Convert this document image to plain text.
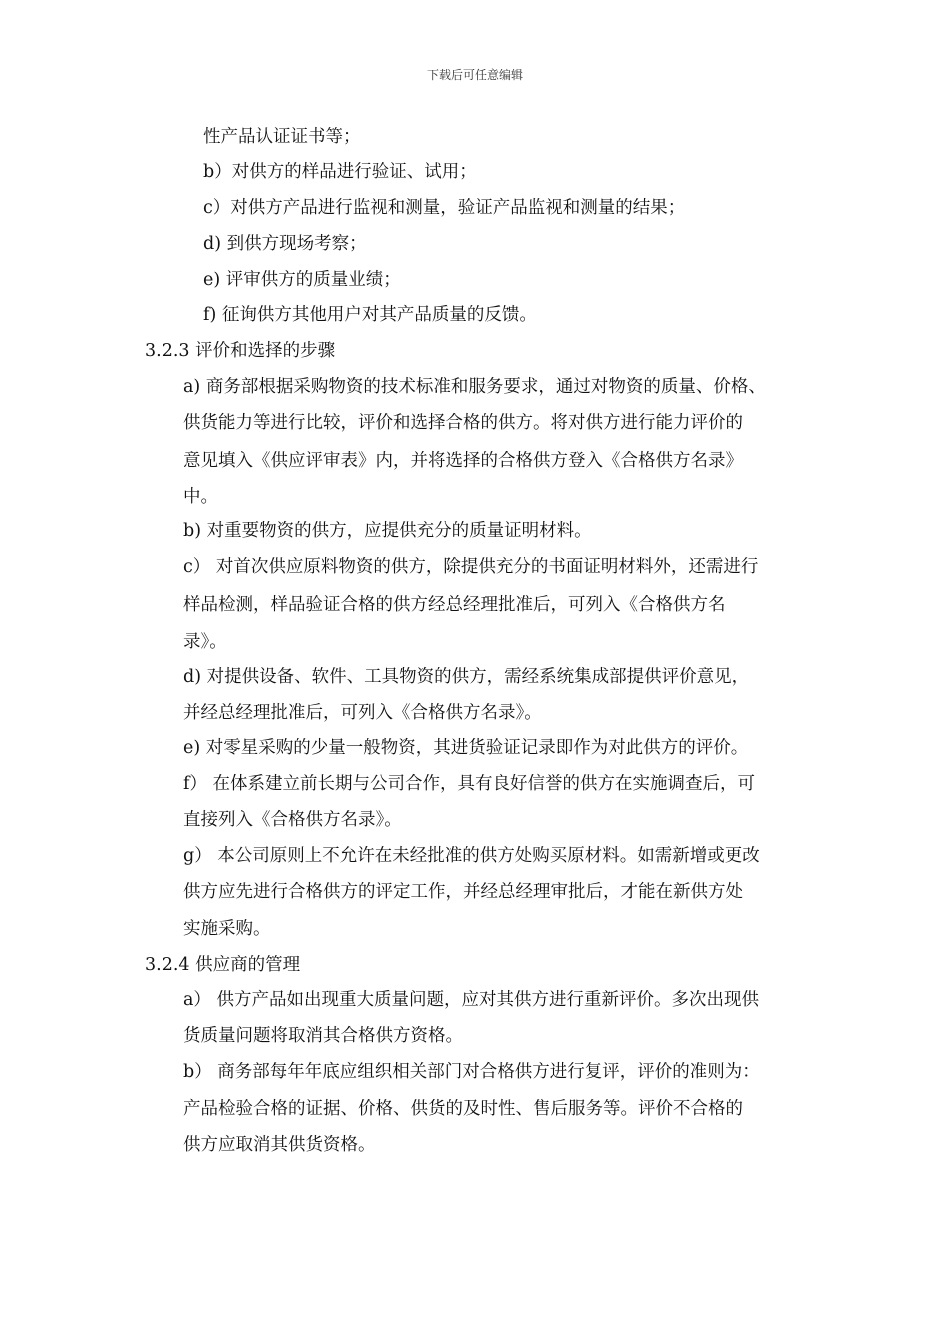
下载后可任意编辑
性产品认证证书等；
b）对供方的样品进行验证、试用；
c）对供方产品进行监视和测量，验证产品监视和测量的结果；
d) 到供方现场考察；
e) 评审供方的质量业绩；
f) 征询供方其他用户对其产品质量的反馈。
3.2.3 评价和选择的步骤
a) 商务部根据采购物资的技术标准和服务要求，通过对物资的质量、价格、
供货能力等进行比较，评价和选择合格的供方。将对供方进行能力评价的
意见填入《供应评审表》内，并将选择的合格供方登入《合格供方名录》
中。
b) 对重要物资的供方，应提供充分的质量证明材料。
c） 对首次供应原料物资的供方，除提供充分的书面证明材料外，还需进行
样品检测，样品验证合格的供方经总经理批准后，可列入《合格供方名
录》。
d) 对提供设备、软件、工具物资的供方，需经系统集成部提供评价意见，
并经总经理批准后，可列入《合格供方名录》。
e) 对零星采购的少量一般物资，其进货验证记录即作为对此供方的评价。
f） 在体系建立前长期与公司合作，具有良好信誉的供方在实施调查后，可
直接列入《合格供方名录》。
g） 本公司原则上不允许在未经批准的供方处购买原材料。如需新增或更改
供方应先进行合格供方的评定工作，并经总经理审批后，才能在新供方处
实施采购。
3.2.4 供应商的管理
a） 供方产品如出现重大质量问题，应对其供方进行重新评价。多次出现供
货质量问题将取消其合格供方资格。
b） 商务部每年年底应组织相关部门对合格供方进行复评，评价的准则为：
产品检验合格的证据、价格、供货的及时性、售后服务等。评价不合格的
供方应取消其供货资格。
